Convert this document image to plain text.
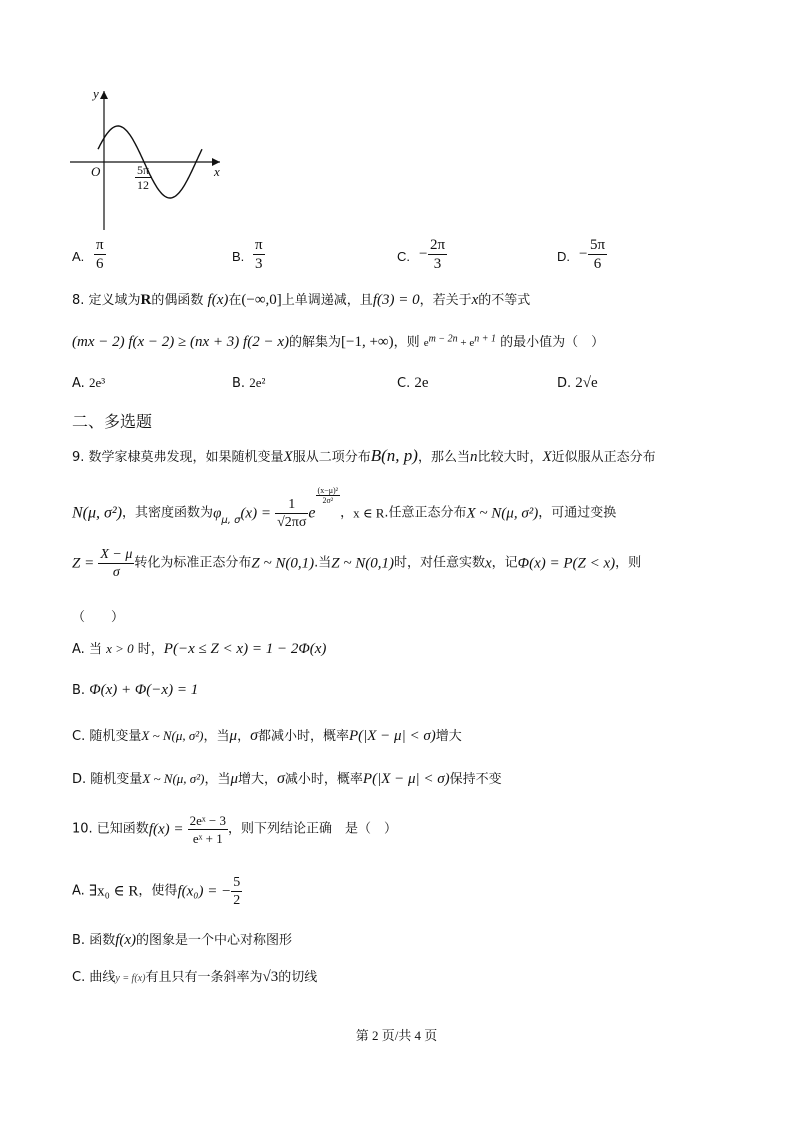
y
x
O	$\frac{5\pi}{12}$
A. $\frac{\pi}{6}$	B. $\frac{\pi}{3}$	C. − $\frac{2\pi}{3}$	D. − $\frac{5\pi}{6}$
8. 定义域为R的偶函数 f(x)在(−∞,0]上单调递减，且f(3) = 0，若关于x的不等式
(mx − 2) f(x − 2) ≥ (nx + 3) f(2 − x)的解集为[−1, +∞)，则 $e^{m - 2n} + e^{n + 1}$ 的最小值为（　）
A. 2e³	B. 2e²	C. 2e	D. 2√e
二、多选题
9. 数学家棣莫弗发现，如果随机变量X服从二项分布B(n, p)，那么当n比较大时，X近似服从正态分布
N(μ, σ²)，其密度函数为$\varphi_{\mu, \sigma}(x) = \frac{1}{√2\pi\sigma}$ e
$\frac{\text{(x−μ)²}}{\text{2σ²}}$
，x ∈ R.任意正态分布X ~ N(μ, σ²)，可通过变换
$Z = \frac{X - \mu}{\sigma}$ 转化为标准正态分布Z ~ N(0,1).当Z ~ N(0,1)时，对任意实数x，记Φ(x) = P(Z < x)，则
（　　）
A. 当 x > 0 时，P(−x ≤ Z < x) = 1 − 2Φ(x)
B. Φ(x) + Φ(−x) = 1
C. 随机变量X ~ N(μ, σ²)，当μ，σ都减小时，概率P(|X − μ| < σ)增大
D. 随机变量X ~ N(μ, σ²)，当μ增大，σ减小时，概率P(|X − μ| < σ)保持不变
10. 已知函数$f(x) = \frac{\text{2eˣ − 3}}{\text{eˣ + 1}}$ ，则下列结论正确　是（　）
A. ∃x₀ ∈ R，使得f(x₀) = − $\frac{5}{2}$
B. 函数f(x)的图象是一个中心对称图形
C. 曲线y = f(x)有且只有一条斜率为√3的切线
第 2 页/共 4 页
